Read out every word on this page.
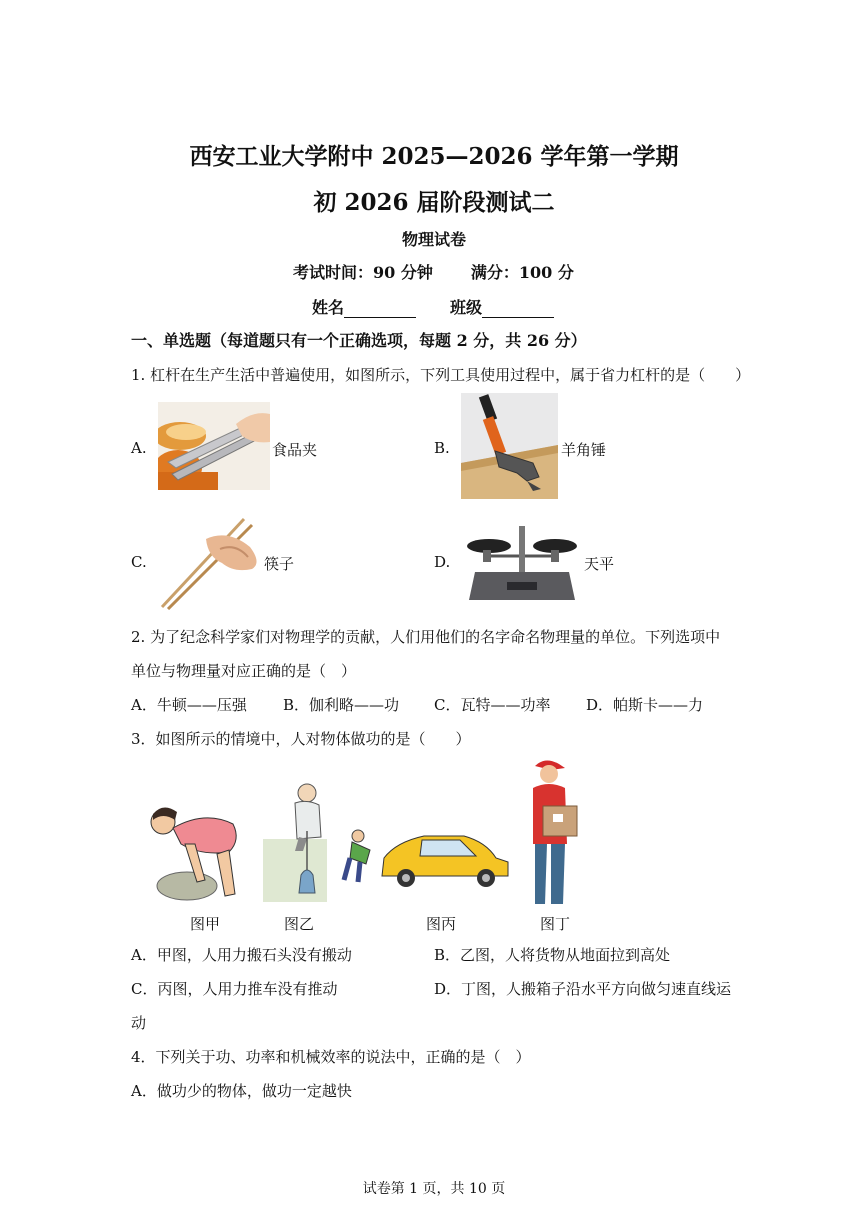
西安工业大学附中 2025—2026 学年第一学期
初 2026 届阶段测试二
物理试卷
考试时间：90 分钟 满分：100 分
姓名	班级
一、单选题（每道题只有一个正确选项，每题 2 分，共 26 分）
1. 杠杆在生产生活中普遍使用，如图所示，下列工具使用过程中，属于省力杠杆的是（　　）
A.	食品夹	B.	羊角锤
C.	筷子	D.	天平
2. 为了纪念科学家们对物理学的贡献，人们用他们的名字命名物理量的单位。下列选项中
单位与物理量对应正确的是（　）
A．牛顿——压强 B．伽利略——功 C．瓦特——功率 D．帕斯卡——力
3．如图所示的情境中，人对物体做功的是（　　）
图甲	图乙	图丙	图丁
A．甲图，人用力搬石头没有搬动	B．乙图，人将货物从地面拉到高处
C．丙图，人用力推车没有推动	D．丁图，人搬箱子沿水平方向做匀速直线运
动
4．下列关于功、功率和机械效率的说法中，正确的是（　）
A．做功少的物体，做功一定越快
试卷第 1 页，共 10 页
